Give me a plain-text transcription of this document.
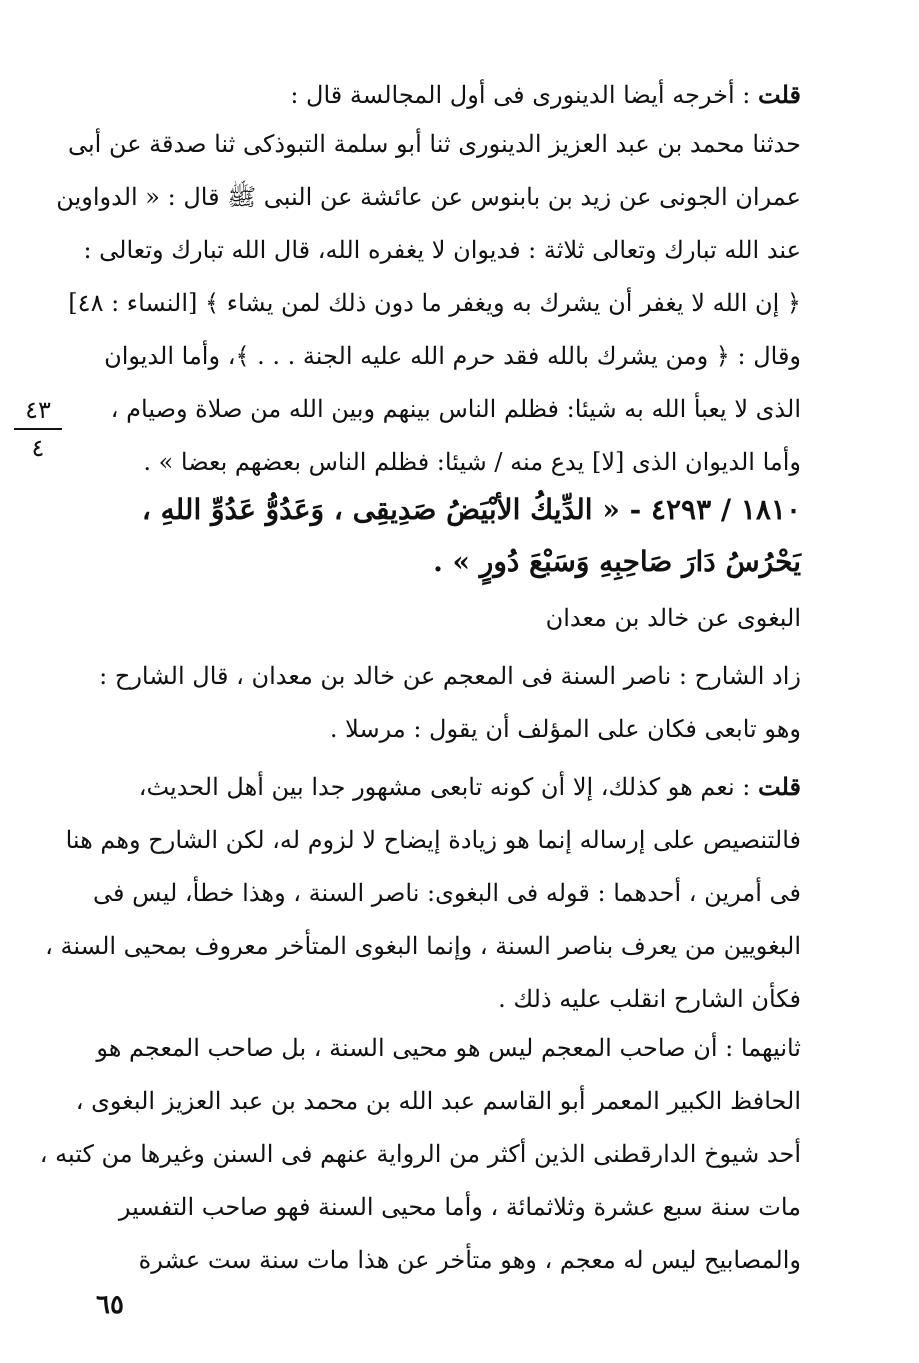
قلت : أخرجه أيضا الدينورى فى أول المجالسة قال :
حدثنا محمد بن عبد العزيز الدينورى ثنا أبو سلمة التبوذكى ثنا صدقة عن أبى
عمران الجونى عن زيد بن بابنوس عن عائشة عن النبى ﷺ قال : « الدواوين
عند الله تبارك وتعالى ثلاثة : فديوان لا يغفره الله، قال الله تبارك وتعالى :
﴿ إن الله لا يغفر أن يشرك به ويغفر ما دون ذلك لمن يشاء ﴾ [النساء : ٤٨]
وقال : ﴿ ومن يشرك بالله فقد حرم الله عليه الجنة . . . ﴾، وأما الديوان
الذى لا يعبأ الله به شيئا: فظلم الناس بينهم وبين الله من صلاة وصيام ،
وأما الديوان الذى [لا] يدع منه / شيئا: فظلم الناس بعضهم بعضا » .
١٨١٠ / ٤٢٩٣ - « الدِّيكُ الأبْيَضُ صَدِيقِى ، وَعَدُوُّ عَدُوِّ اللهِ ،
يَحْرُسُ دَارَ صَاحِبِهِ وَسَبْعَ دُورٍ » .
البغوى عن خالد بن معدان
زاد الشارح : ناصر السنة فى المعجم عن خالد بن معدان ، قال الشارح :
وهو تابعى فكان على المؤلف أن يقول : مرسلا .
قلت : نعم هو كذلك، إلا أن كونه تابعى مشهور جدا بين أهل الحديث،
فالتنصيص على إرساله إنما هو زيادة إيضاح لا لزوم له، لكن الشارح وهم هنا
فى أمرين ، أحدهما : قوله فى البغوى: ناصر السنة ، وهذا خطأ، ليس فى
البغويين من يعرف بناصر السنة ، وإنما البغوى المتأخر معروف بمحيى السنة ،
فكأن الشارح انقلب عليه ذلك .
ثانيهما : أن صاحب المعجم ليس هو محيى السنة ، بل صاحب المعجم هو
الحافظ الكبير المعمر أبو القاسم عبد الله بن محمد بن عبد العزيز البغوى ،
أحد شيوخ الدارقطنى الذين أكثر من الرواية عنهم فى السنن وغيرها من كتبه ،
مات سنة سبع عشرة وثلاثمائة ، وأما محيى السنة فهو صاحب التفسير
والمصابيح ليس له معجم ، وهو متأخر عن هذا مات سنة ست عشرة
٤٣
٤
٦٥
